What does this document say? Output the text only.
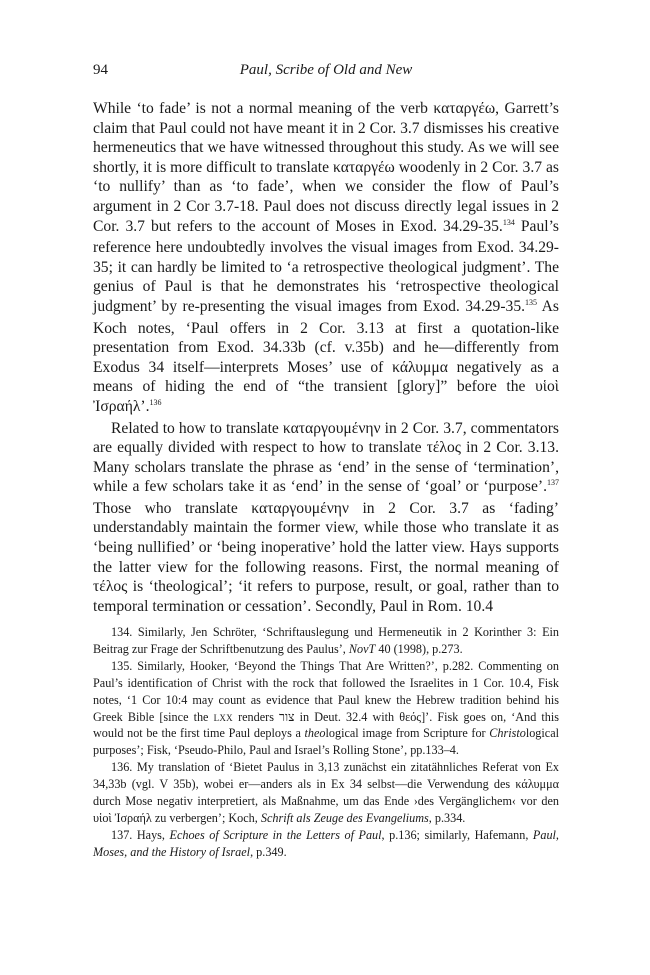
94	Paul, Scribe of Old and New

While ‘to fade’ is not a normal meaning of the verb καταργέω, Garrett’s claim that Paul could not have meant it in 2 Cor. 3.7 dismisses his creative hermeneutics that we have witnessed throughout this study. As we will see shortly, it is more difficult to translate καταργέω woodenly in 2 Cor. 3.7 as ‘to nullify’ than as ‘to fade’, when we consider the flow of Paul’s argument in 2 Cor 3.7-18. Paul does not discuss directly legal issues in 2 Cor. 3.7 but refers to the account of Moses in Exod. 34.29-35.$^{134}$ Paul’s reference here undoubtedly involves the visual images from Exod. 34.29-35; it can hardly be limited to ‘a retrospective theological judgment’. The genius of Paul is that he demonstrates his ‘retrospective theological judgment’ by re-presenting the visual images from Exod. 34.29-35.$^{135}$ As Koch notes, ‘Paul offers in 2 Cor. 3.13 at first a quotation-like presentation from Exod. 34.33b (cf. v.35b) and he—differently from Exodus 34 itself—interprets Moses’ use of κάλυμμα negatively as a means of hiding the end of “the transient [glory]” before the υἱοὶ Ἰσραήλ’.$^{136}$

Related to how to translate καταργουμένην in 2 Cor. 3.7, commentators are equally divided with respect to how to translate τέλος in 2 Cor. 3.13. Many scholars translate the phrase as ‘end’ in the sense of ‘termination’, while a few scholars take it as ‘end’ in the sense of ‘goal’ or ‘purpose’.$^{137}$ Those who translate καταργουμένην in 2 Cor. 3.7 as ‘fading’ understandably maintain the former view, while those who translate it as ‘being nullified’ or ‘being inoperative’ hold the latter view. Hays supports the latter view for the following reasons. First, the normal meaning of τέλος is ‘theological’; ‘it refers to purpose, result, or goal, rather than to temporal termination or cessation’. Secondly, Paul in Rom. 10.4

134. Similarly, Jen Schröter, ‘Schriftauslegung und Hermeneutik in 2 Korinther 3: Ein Beitrag zur Frage der Schriftbenutzung des Paulus’, NovT 40 (1998), p.273.

135. Similarly, Hooker, ‘Beyond the Things That Are Written?’, p.282. Commenting on Paul’s identification of Christ with the rock that followed the Israelites in 1 Cor. 10.4, Fisk notes, ‘1 Cor 10:4 may count as evidence that Paul knew the Hebrew tradition behind his Greek Bible [since the lxx renders צור in Deut. 32.4 with θεός]’. Fisk goes on, ‘And this would not be the first time Paul deploys a theological image from Scripture for Christological purposes’; Fisk, ‘Pseudo-Philo, Paul and Israel’s Rolling Stone’, pp.133–4.

136. My translation of ‘Bietet Paulus in 3,13 zunächst ein zitatähnliches Referat von Ex 34,33b (vgl. V 35b), wobei er—anders als in Ex 34 selbst—die Verwendung des κάλυμμα durch Mose negativ interpretiert, als Maßnahme, um das Ende ›des Vergänglichem‹ vor den υἱοὶ Ἰσραήλ zu verbergen’; Koch, Schrift als Zeuge des Evangeliums, p.334.

137. Hays, Echoes of Scripture in the Letters of Paul, p.136; similarly, Hafemann, Paul, Moses, and the History of Israel, p.349.
